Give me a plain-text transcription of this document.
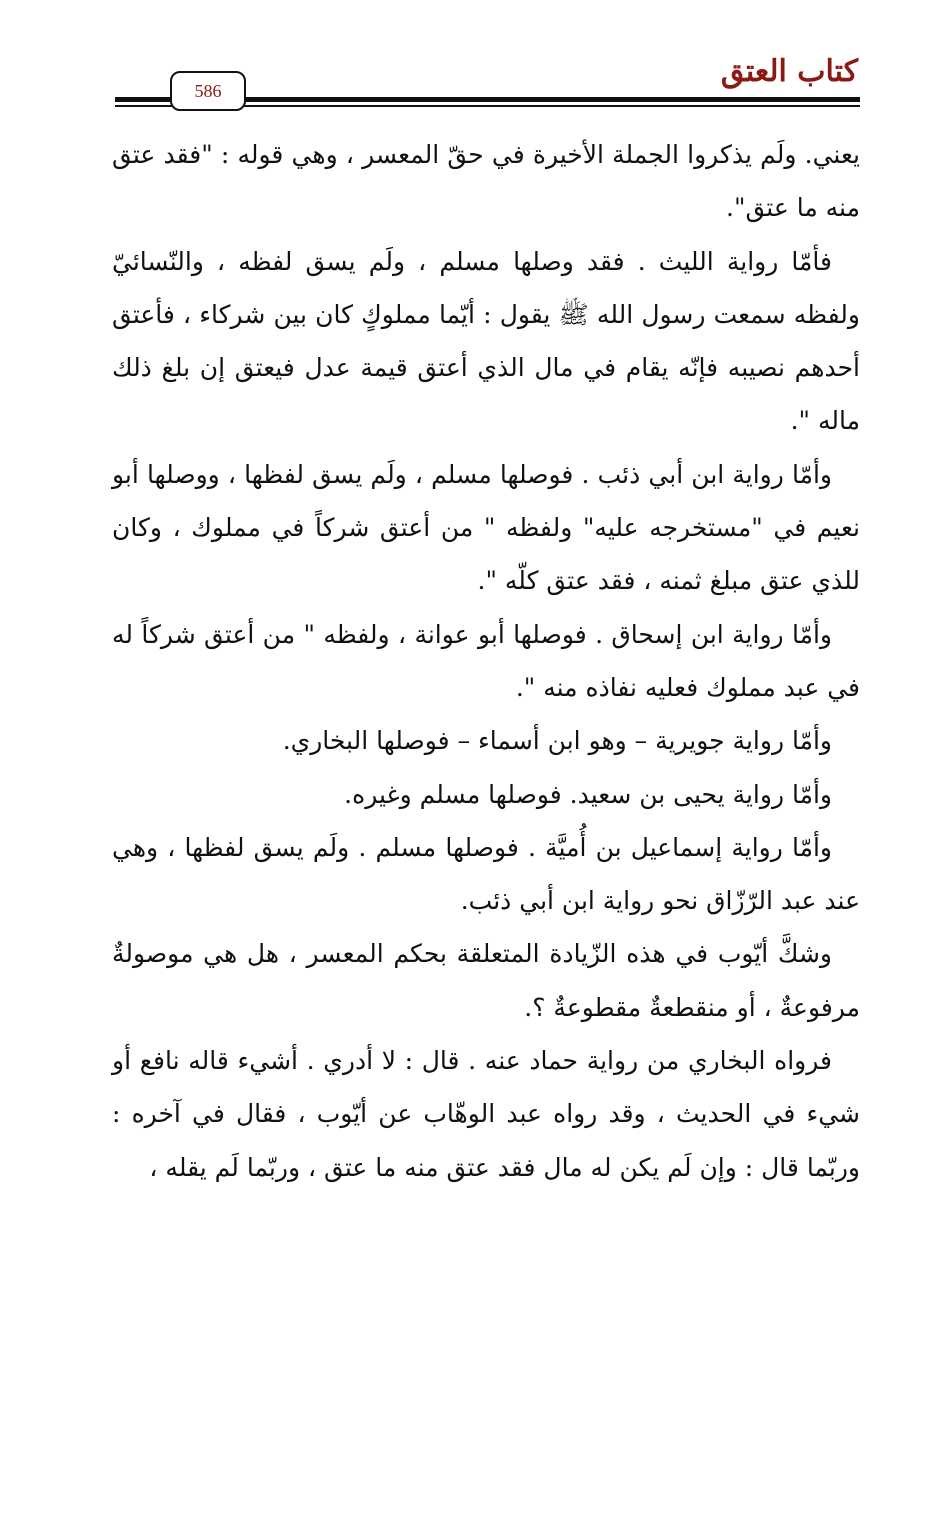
كتاب العتق
586

يعني. ولَم يذكروا الجملة الأخيرة في حقّ المعسر ، وهي قوله : "فقد عتق منه ما عتق".

فأمّا رواية الليث . فقد وصلها مسلم ، ولَم يسق لفظه ، والنّسائيّ ولفظه سمعت رسول الله ﷺ يقول : أيّما مملوكٍ كان بين شركاء ، فأعتق أحدهم نصيبه فإنّه يقام في مال الذي أعتق قيمة عدل فيعتق إن بلغ ذلك ماله ".

وأمّا رواية ابن أبي ذئب . فوصلها مسلم ، ولَم يسق لفظها ، ووصلها أبو نعيم في "مستخرجه عليه" ولفظه " من أعتق شركاً في مملوك ، وكان للذي عتق مبلغ ثمنه ، فقد عتق كلّه ".

وأمّا رواية ابن إسحاق . فوصلها أبو عوانة ، ولفظه " من أعتق شركاً له في عبد مملوك فعليه نفاذه منه ".

وأمّا رواية جويرية – وهو ابن أسماء – فوصلها البخاري.

وأمّا رواية يحيى بن سعيد. فوصلها مسلم وغيره.

وأمّا رواية إسماعيل بن أُميَّة . فوصلها مسلم . ولَم يسق لفظها ، وهي عند عبد الرّزّاق نحو رواية ابن أبي ذئب.

وشكَّ أيّوب في هذه الزّيادة المتعلقة بحكم المعسر ، هل هي موصولةٌ مرفوعةٌ ، أو منقطعةٌ مقطوعةٌ ؟.

فرواه البخاري من رواية حماد عنه . قال : لا أدري . أشيء قاله نافع أو شيء في الحديث ، وقد رواه عبد الوهّاب عن أيّوب ، فقال في آخره : وربّما قال : وإن لَم يكن له مال فقد عتق منه ما عتق ، وربّما لَم يقله ،
